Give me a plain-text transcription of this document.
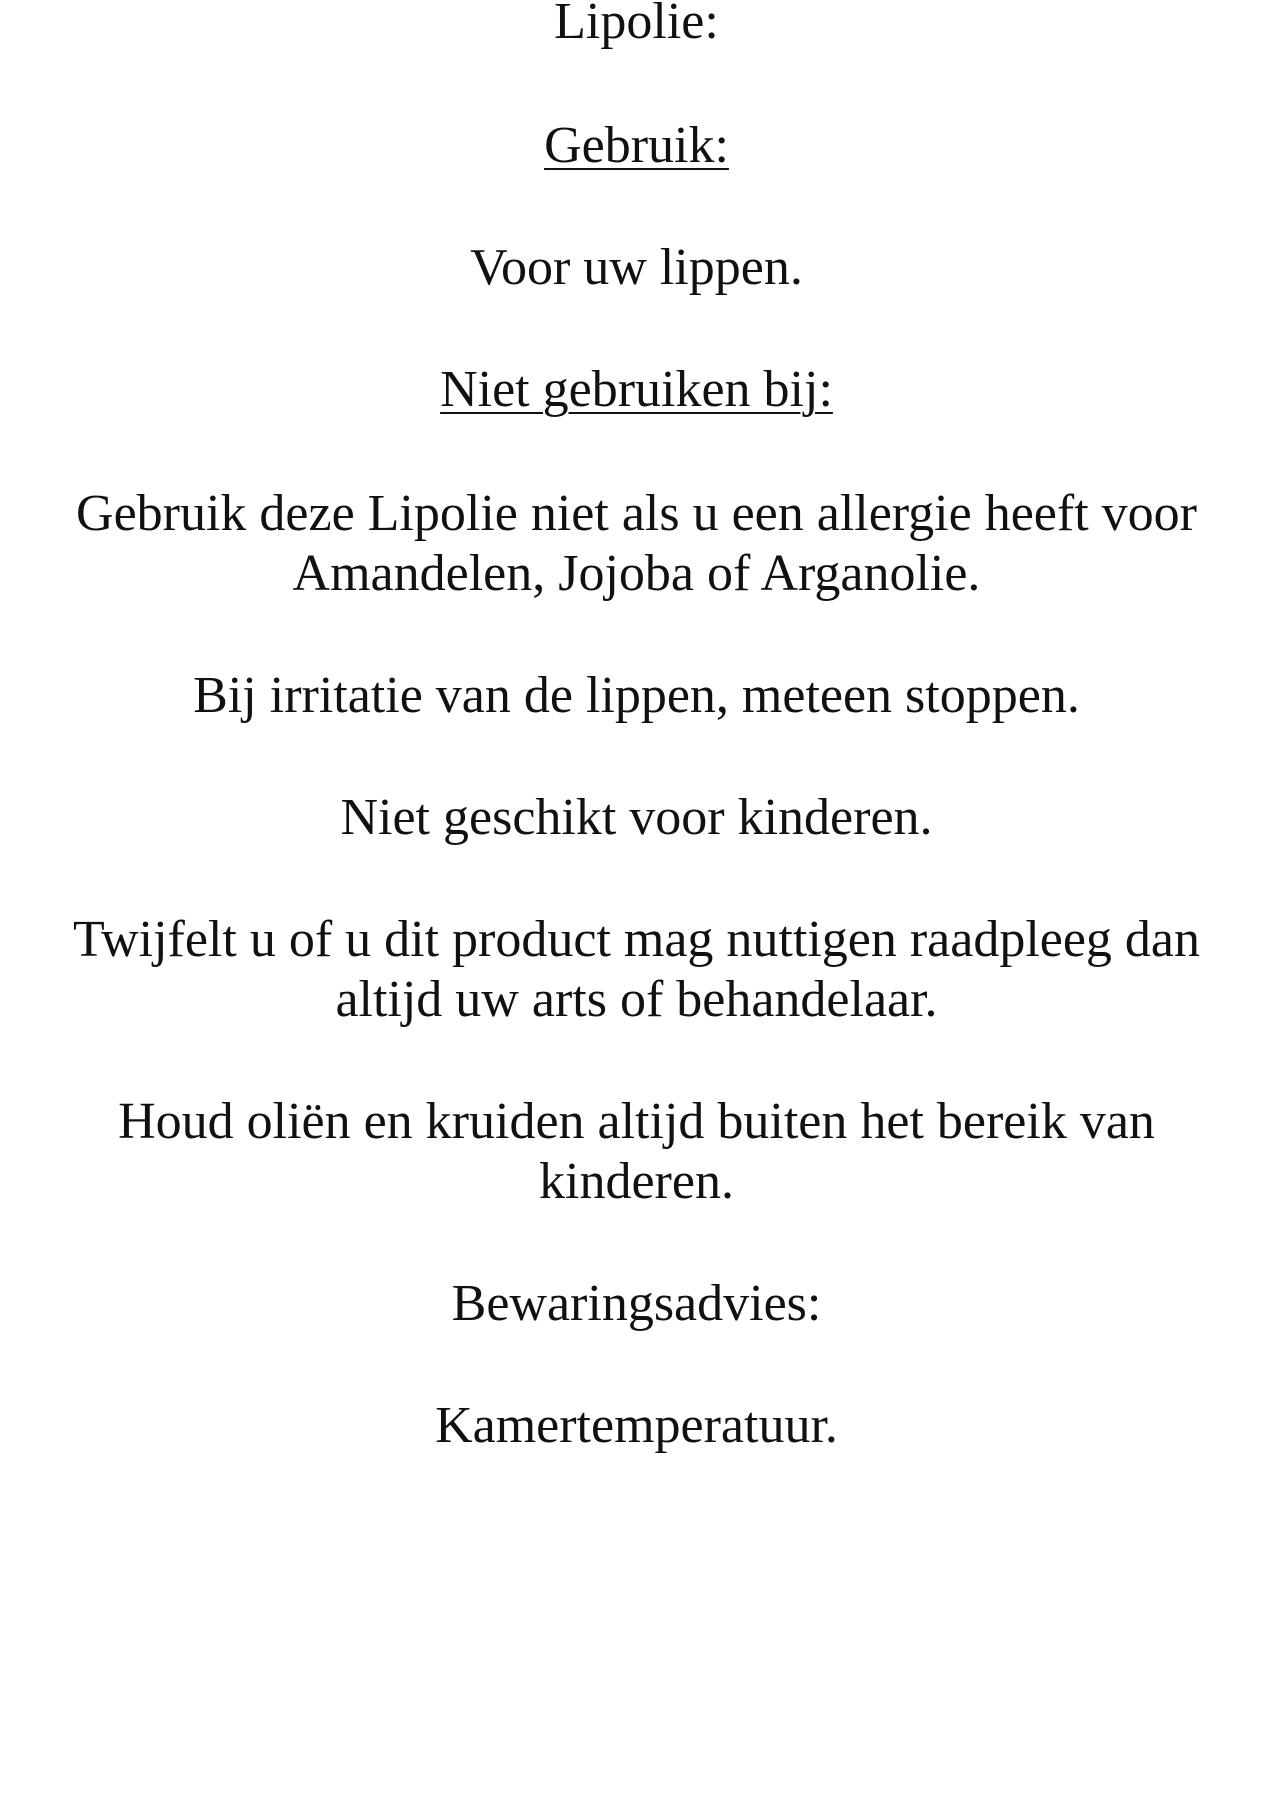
Lipolie:

Gebruik:

Voor uw lippen.

Niet gebruiken bij:

Gebruik deze Lipolie niet als u een allergie heeft voor

Amandelen, Jojoba of Arganolie.

Bij irritatie van de lippen, meteen stoppen.

Niet geschikt voor kinderen.

Twijfelt u of u dit product mag nuttigen raadpleeg dan

altijd uw arts of behandelaar.

Houd oliën en kruiden altijd buiten het bereik van

kinderen.

Bewaringsadvies:

Kamertemperatuur.
